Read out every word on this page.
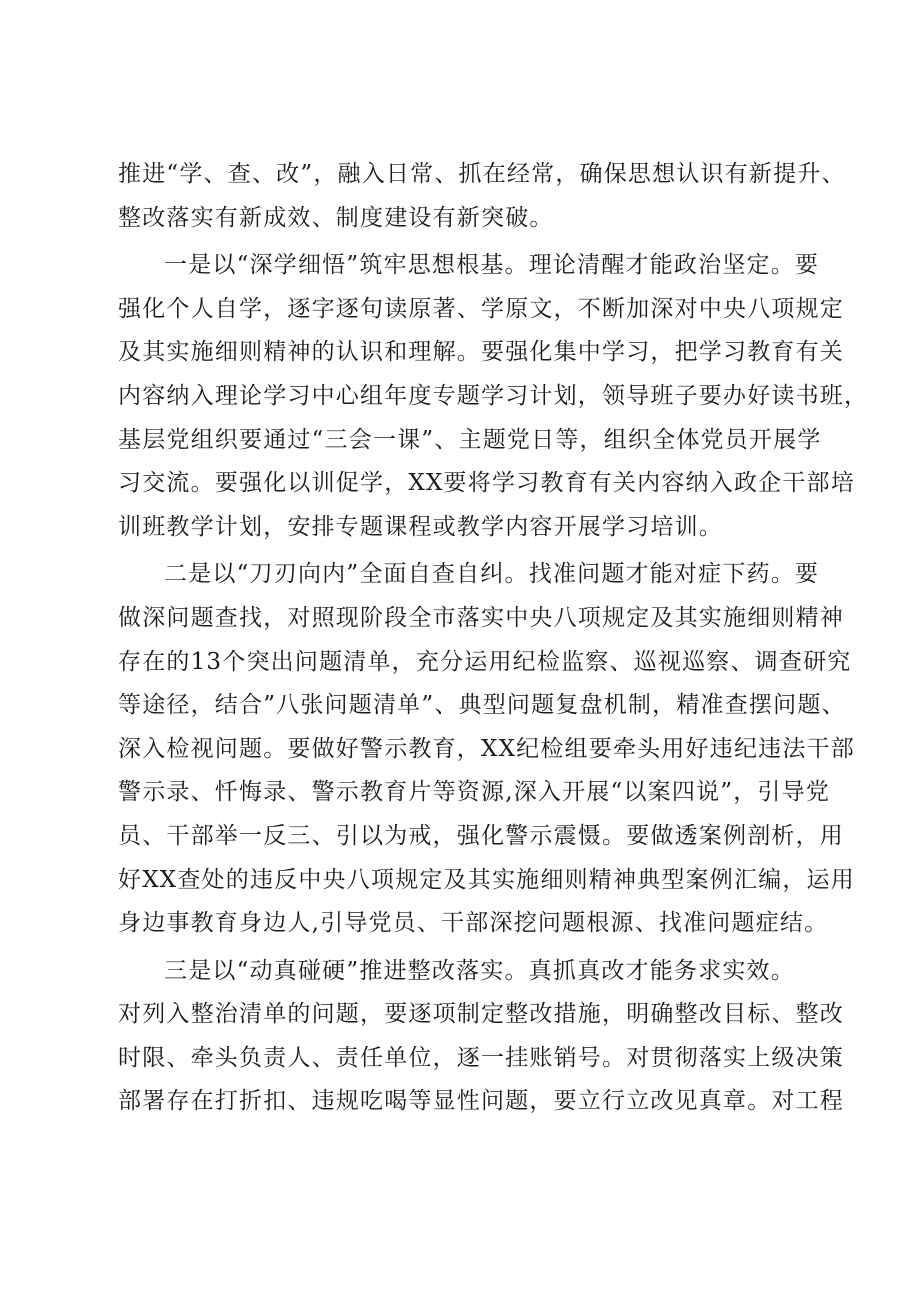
推进“学、查、改”，融入日常、抓在经常，确保思想认识有新提升、
整改落实有新成效、制度建设有新突破。

一是以“深学细悟”筑牢思想根基。理论清醒才能政治坚定。要
强化个人自学，逐字逐句读原著、学原文，不断加深对中央八项规定
及其实施细则精神的认识和理解。要强化集中学习，把学习教育有关
内容纳入理论学习中心组年度专题学习计划，领导班子要办好读书班，
基层党组织要通过“三会一课”、主题党日等，组织全体党员开展学
习交流。要强化以训促学，XX要将学习教育有关内容纳入政企干部培
训班教学计划，安排专题课程或教学内容开展学习培训。

二是以“刀刃向内”全面自查自纠。找准问题才能对症下药。要
做深问题查找，对照现阶段全市落实中央八项规定及其实施细则精神
存在的13个突出问题清单，充分运用纪检监察、巡视巡察、调查研究
等途径，结合”八张问题清单”、典型问题复盘机制，精准查摆问题、
深入检视问题。要做好警示教育，XX纪检组要牵头用好违纪违法干部
警示录、忏悔录、警示教育片等资源,深入开展“以案四说”，引导党
员、干部举一反三、引以为戒，强化警示震慑。要做透案例剖析，用
好XX查处的违反中央八项规定及其实施细则精神典型案例汇编，运用
身边事教育身边人,引导党员、干部深挖问题根源、找准问题症结。

三是以“动真碰硬”推进整改落实。真抓真改才能务求实效。
对列入整治清单的问题，要逐项制定整改措施，明确整改目标、整改
时限、牵头负责人、责任单位，逐一挂账销号。对贯彻落实上级决策
部署存在打折扣、违规吃喝等显性问题，要立行立改见真章。对工程
